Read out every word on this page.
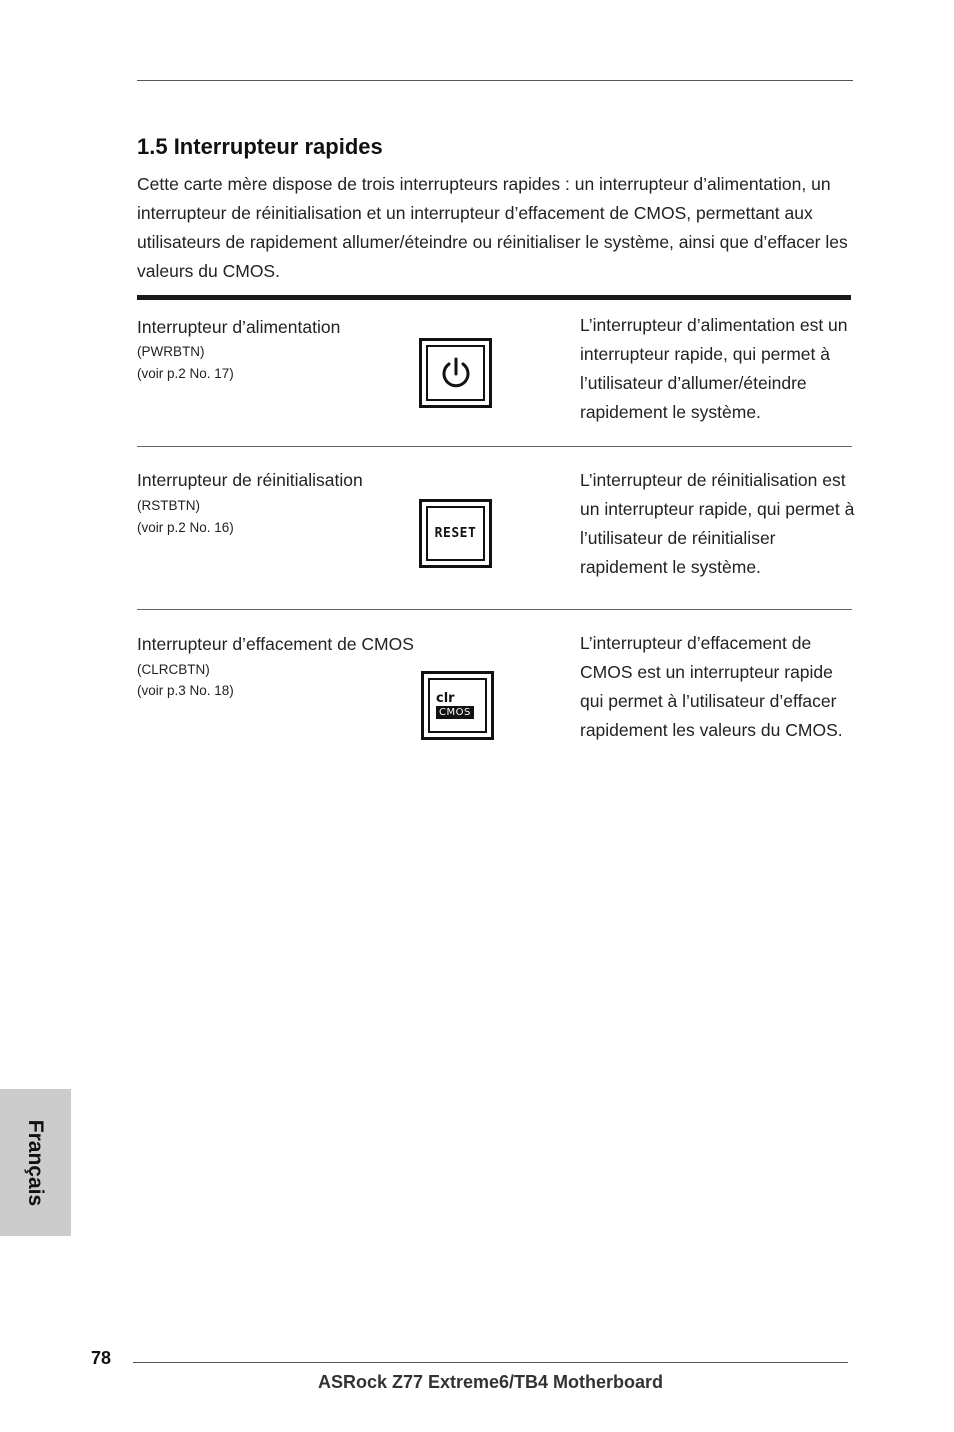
1.5 Interrupteur rapides
Cette carte mère dispose de trois interrupteurs rapides : un interrupteur d’alimentation, un interrupteur de réinitialisation et un interrupteur d’effacement de CMOS, permettant aux utilisateurs de rapidement allumer/éteindre ou réinitialiser le système, ainsi que d’effacer les valeurs du CMOS.
Interrupteur d’alimentation
(PWRBTN)
(voir p.2 No. 17)
L’interrupteur d’alimentation est un interrupteur rapide, qui permet à l’utilisateur d’allumer/éteindre rapidement le système.
Interrupteur de réinitialisation
(RSTBTN)
(voir p.2 No. 16)	RESET
L’interrupteur de réinitialisation est un interrupteur rapide, qui permet à l’utilisateur de réinitialiser rapidement le système.
Interrupteur d’effacement de CMOS
(CLRCBTN)
(voir p.3 No. 18)
clr
CMOS
L’interrupteur d’effacement de CMOS est un interrupteur rapide qui permet à l’utilisateur d’effacer rapidement les valeurs du CMOS.
Français
78
ASRock Z77 Extreme6/TB4 Motherboard
